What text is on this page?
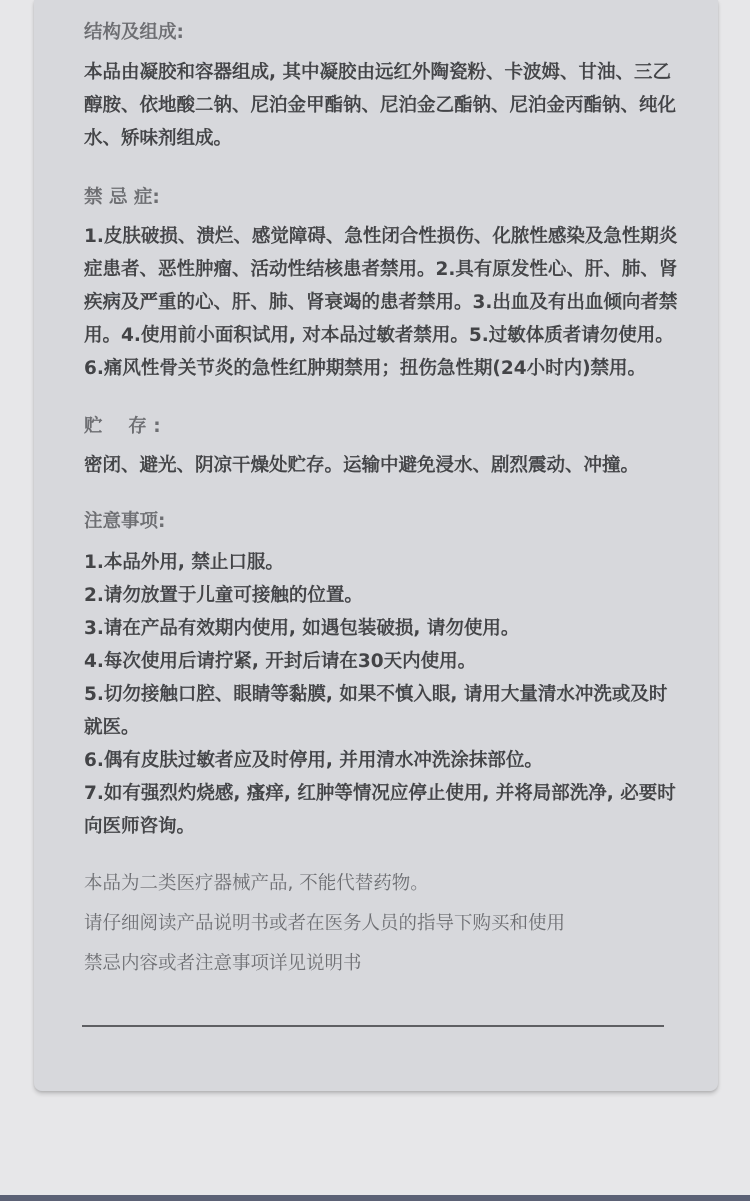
结构及组成:

本品由凝胶和容器组成, 其中凝胶由远红外陶瓷粉、卡波姆、甘油、三乙醇胺、依地酸二钠、尼泊金甲酯钠、尼泊金乙酯钠、尼泊金丙酯钠、纯化水、矫味剂组成。

禁 忌 症:

1.皮肤破损、溃烂、感觉障碍、急性闭合性损伤、化脓性感染及急性期炎症患者、恶性肿瘤、活动性结核患者禁用。2.具有原发性心、肝、肺、肾疾病及严重的心、肝、肺、肾衰竭的患者禁用。3.出血及有出血倾向者禁用。4.使用前小面积试用, 对本品过敏者禁用。5.过敏体质者请勿使用。6.痛风性骨关节炎的急性红肿期禁用；扭伤急性期(24小时内)禁用。

贮    存 :

密闭、避光、阴凉干燥处贮存。运输中避免浸水、剧烈震动、冲撞。

注意事项:
1.本品外用, 禁止口服。
2.请勿放置于儿童可接触的位置。
3.请在产品有效期内使用, 如遇包装破损, 请勿使用。
4.每次使用后请拧紧, 开封后请在30天内使用。
5.切勿接触口腔、眼睛等黏膜, 如果不慎入眼, 请用大量清水冲洗或及时就医。
6.偶有皮肤过敏者应及时停用, 并用清水冲洗涂抹部位。
7.如有强烈灼烧感, 瘙痒, 红肿等情况应停止使用, 并将局部洗净, 必要时向医师咨询。

本品为二类医疗器械产品, 不能代替药物。

请仔细阅读产品说明书或者在医务人员的指导下购买和使用

禁忌内容或者注意事项详见说明书
